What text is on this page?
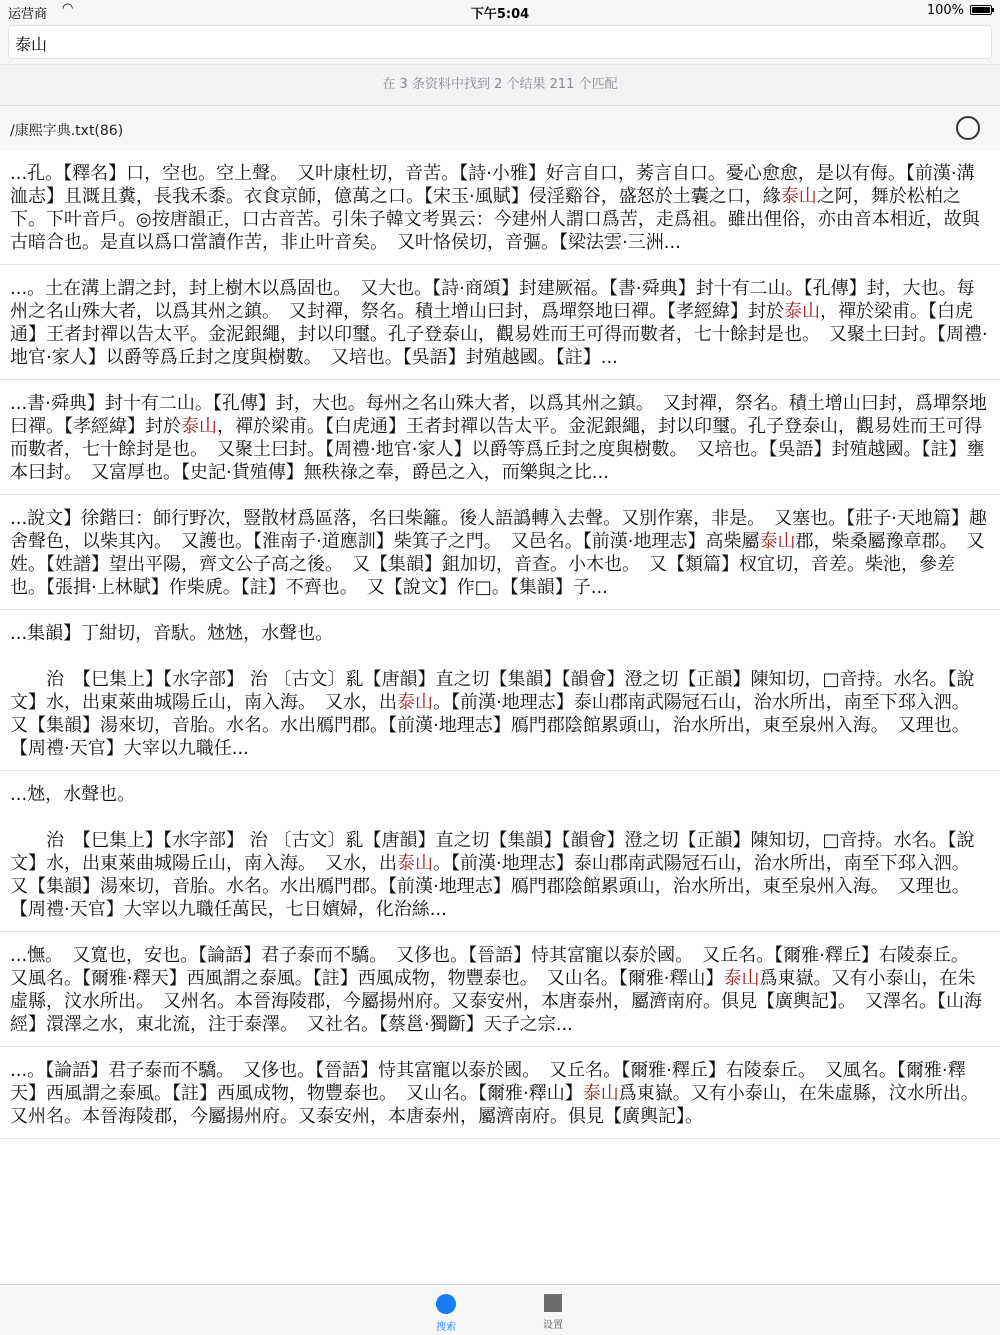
运营商 ◠	下午5:04	100%
泰山
在 3 条资料中找到 2 个结果 211 个匹配
/康熙字典.txt(86)
...孔。【釋名】口，空也。空上聲。　又叶康杜切，音苦。【詩·小雅】好言自口，莠言自口。憂心愈愈，是以有侮。【前漢·溝洫志】且溉且糞，長我禾黍。衣食京師，億萬之口。【宋玉·風賦】侵淫谿谷，盛怒於土囊之口，緣泰山之阿，舞於松柏之下。下叶音戶。◎按唐韻正，口古音苦。引朱子韓文考異云：今建州人謂口爲苦，走爲祖。雖出俚俗，亦由音本相近，故與古暗合也。是直以爲口當讀作苦，非止叶音矣。　又叶恪侯切，音彄。【梁法雲·三洲...
...。土在溝上謂之封，封上樹木以爲固也。　又大也。【詩·商頌】封建厥福。【書·舜典】封十有二山。【孔傳】封，大也。每州之名山殊大者，以爲其州之鎮。　又封禪，祭名。積土增山曰封，爲墠祭地曰禪。【孝經緯】封於泰山，禪於梁甫。【白虎通】王者封禪以告太平。金泥銀繩，封以印璽。孔子登泰山，觀易姓而王可得而數者，七十餘封是也。　又聚土曰封。【周禮·地官·家人】以爵等爲丘封之度與樹數。　又培也。【吳語】封殖越國。【註】...
...書·舜典】封十有二山。【孔傳】封，大也。每州之名山殊大者，以爲其州之鎮。　又封禪，祭名。積土增山曰封，爲墠祭地曰禪。【孝經緯】封於泰山，禪於梁甫。【白虎通】王者封禪以告太平。金泥銀繩，封以印璽。孔子登泰山，觀易姓而王可得而數者，七十餘封是也。　又聚土曰封。【周禮·地官·家人】以爵等爲丘封之度與樹數。　又培也。【吳語】封殖越國。【註】壅本曰封。　又富厚也。【史記·貨殖傳】無秩祿之奉，爵邑之入，而樂與之比...
...說文】徐鍇曰：師行野次，豎散材爲區落，名曰柴籬。後人語譌轉入去聲。又別作寨，非是。　又塞也。【莊子·天地篇】趣舍聲色，以柴其內。　又護也。【淮南子·道應訓】柴箕子之門。　又邑名。【前漢·地理志】高柴屬泰山郡，柴桑屬豫章郡。　又姓。【姓譜】望出平陽，齊文公子高之後。　又【集韻】鉏加切，音查。小木也。　又【類篇】杈宜切，音差。柴池，參差也。【張揖·上林賦】作柴虒。【註】不齊也。　又【說文】作□。【集韻】子...
...集韻】丁紺切，音馱。沊沊，水聲也。

　　治　【巳集上】【水字部】 治 〔古文〕乿【唐韻】直之切【集韻】【韻會】澄之切【正韻】陳知切，□音持。水名。【說文】水，出東萊曲城陽丘山，南入海。　又水，出泰山。【前漢·地理志】泰山郡南武陽冠石山，治水所出，南至下邳入泗。　又【集韻】湯來切，音胎。水名。水出鴈門郡。【前漢·地理志】鴈門郡陰館累頭山，治水所出，東至泉州入海。　又理也。【周禮·天官】大宰以九職任...
...沊，水聲也。

　　治　【巳集上】【水字部】 治 〔古文〕乿【唐韻】直之切【集韻】【韻會】澄之切【正韻】陳知切，□音持。水名。【說文】水，出東萊曲城陽丘山，南入海。　又水，出泰山。【前漢·地理志】泰山郡南武陽冠石山，治水所出，南至下邳入泗。　又【集韻】湯來切，音胎。水名。水出鴈門郡。【前漢·地理志】鴈門郡陰館累頭山，治水所出，東至泉州入海。　又理也。【周禮·天官】大宰以九職任萬民，七日嬪婦，化治絲...
...憮。　又寬也，安也。【論語】君子泰而不驕。　又侈也。【晉語】恃其富寵以泰於國。　又丘名。【爾雅·釋丘】右陵泰丘。　又風名。【爾雅·釋天】西風謂之泰風。【註】西風成物，物豐泰也。　又山名。【爾雅·釋山】泰山爲東嶽。又有小泰山，在朱虛縣，汶水所出。　又州名。本晉海陵郡，今屬揚州府。又泰安州，本唐泰州，屬濟南府。俱見【廣輿記】。　又澤名。【山海經】澴澤之水，東北流，注于泰澤。　又社名。【蔡邕·獨斷】天子之宗...
...。【論語】君子泰而不驕。　又侈也。【晉語】恃其富寵以泰於國。　又丘名。【爾雅·釋丘】右陵泰丘。　又風名。【爾雅·釋天】西風謂之泰風。【註】西風成物，物豐泰也。　又山名。【爾雅·釋山】泰山爲東嶽。又有小泰山，在朱虛縣，汶水所出。　又州名。本晉海陵郡，今屬揚州府。又泰安州，本唐泰州，屬濟南府。俱見【廣輿記】。
搜索	设置
